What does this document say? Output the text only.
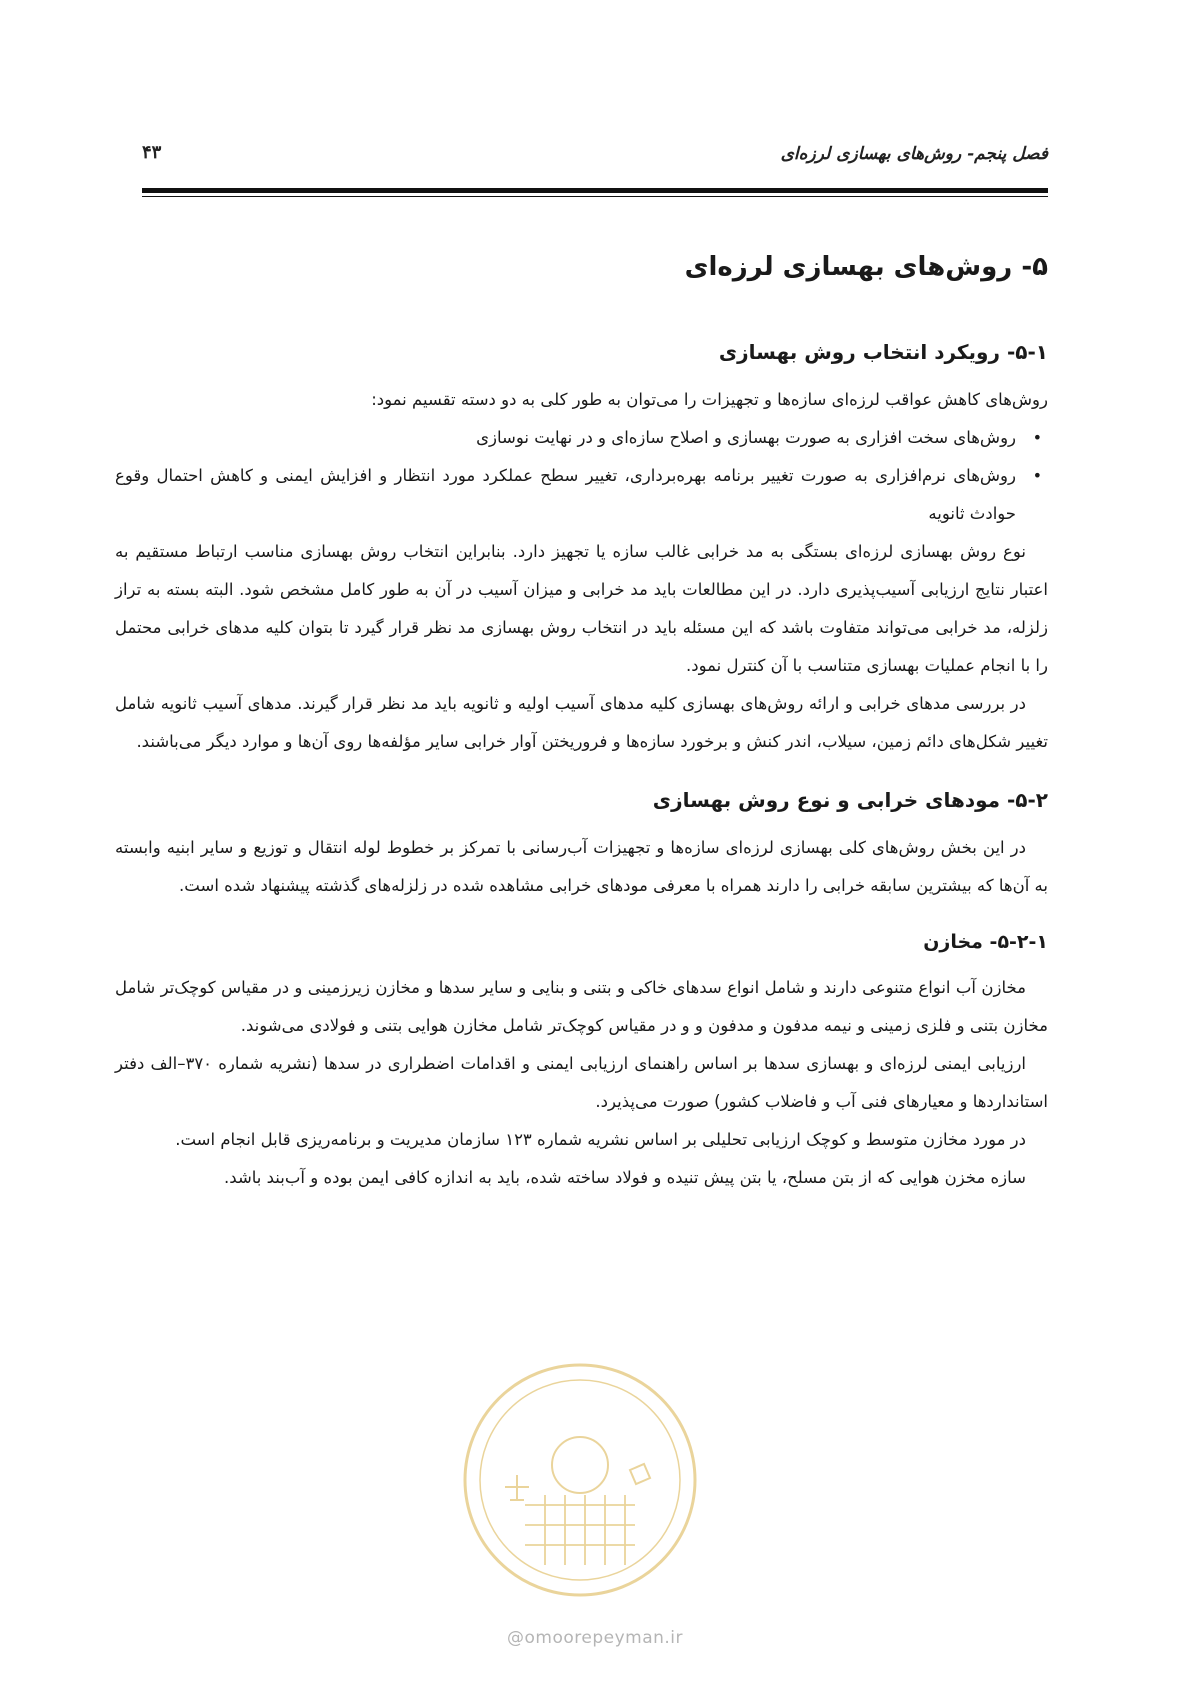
فصل پنجم- روش‌های بهسازی لرزه‌ای
۴۳
۵- روش‌های بهسازی لرزه‌ای
۵-۱- رویکرد انتخاب روش بهسازی

روش‌های کاهش عواقب لرزه‌ای سازه‌ها و تجهیزات را می‌توان به طور کلی به دو دسته تقسیم نمود:

• روش‌های سخت افزاری به صورت بهسازی و اصلاح سازه‌ای و در نهایت نوسازی
• روش‌های نرم‌افزاری به صورت تغییر برنامه بهره‌برداری، تغییر سطح عملکرد مورد انتظار و افزایش ایمنی و کاهش احتمال وقوع حوادث ثانویه

نوع روش بهسازی لرزه‌ای بستگی به مد خرابی غالب سازه یا تجهیز دارد. بنابراین انتخاب روش بهسازی مناسب ارتباط مستقیم به اعتبار نتایج ارزیابی آسیب‌پذیری دارد. در این مطالعات باید مد خرابی و میزان آسیب در آن به طور کامل مشخص شود. البته بسته به تراز زلزله، مد خرابی می‌تواند متفاوت باشد که این مسئله باید در انتخاب روش بهسازی مد نظر قرار گیرد تا بتوان کلیه مدهای خرابی محتمل را با انجام عملیات بهسازی متناسب با آن کنترل نمود.

در بررسی مدهای خرابی و ارائه روش‌های بهسازی کلیه مدهای آسیب اولیه و ثانویه باید مد نظر قرار گیرند. مدهای آسیب ثانویه شامل تغییر شکل‌های دائم زمین، سیلاب، اندر کنش و برخورد سازه‌ها و فروریختن آوار خرابی سایر مؤلفه‌ها روی آن‌ها و موارد دیگر می‌باشند.

۵-۲- مودهای خرابی و نوع روش بهسازی

در این بخش روش‌های کلی بهسازی لرزه‌ای سازه‌ها و تجهیزات آب‌رسانی با تمرکز بر خطوط لوله انتقال و توزیع و سایر ابنیه وابسته به آن‌ها که بیشترین سابقه خرابی را دارند همراه با معرفی مودهای خرابی مشاهده شده در زلزله‌های گذشته پیشنهاد شده است.

۵-۲-۱- مخازن

مخازن آب انواع متنوعی دارند و شامل انواع سدهای خاکی و بتنی و بنایی و سایر سدها و مخازن زیرزمینی و در مقیاس کوچک‌تر شامل مخازن بتنی و فلزی زمینی و نیمه مدفون و مدفون و و در مقیاس کوچک‌تر شامل مخازن هوایی بتنی و فولادی می‌شوند.

ارزیابی ایمنی لرزه‌ای و بهسازی سدها بر اساس راهنمای ارزیابی ایمنی و اقدامات اضطراری در سدها (نشریه شماره ۳۷۰–الف دفتر استانداردها و معیارهای فنی آب و فاضلاب کشور) صورت می‌پذیرد.

در مورد مخازن متوسط و کوچک ارزیابی تحلیلی بر اساس نشریه شماره ۱۲۳ سازمان مدیریت و برنامه‌ریزی قابل انجام است.

سازه مخزن هوایی که از بتن مسلح، یا بتن پیش تنیده و فولاد ساخته شده، باید به اندازه کافی ایمن بوده و آب‌بند باشد.

@omoorepeyman.ir
